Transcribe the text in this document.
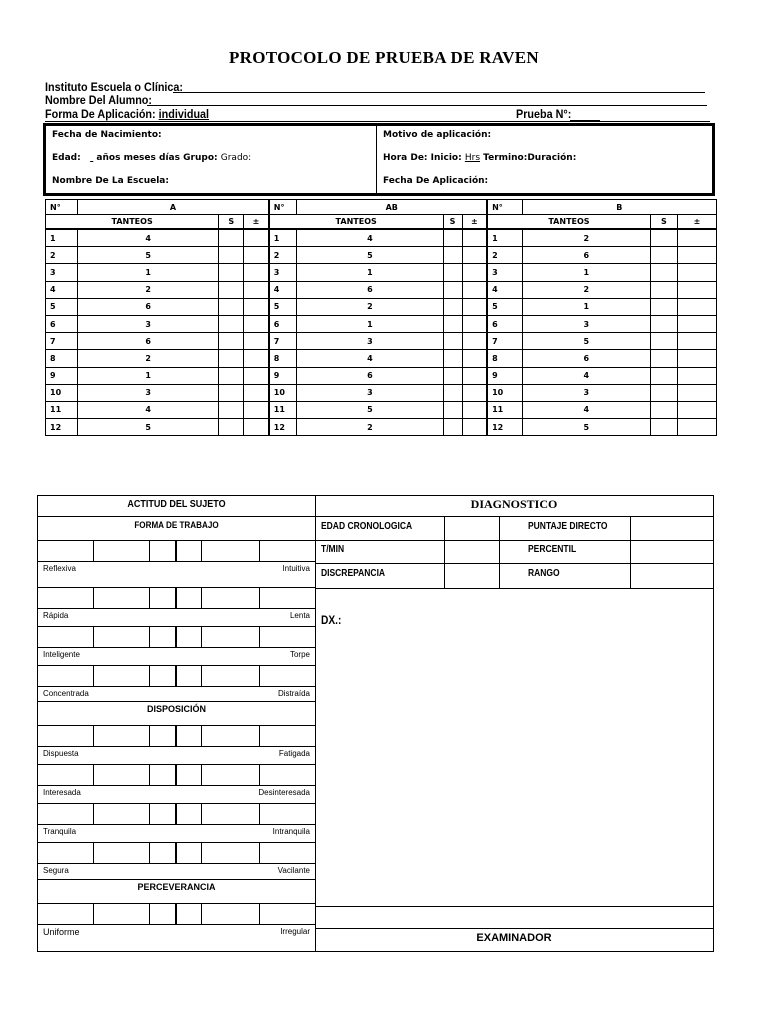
PROTOCOLO DE PRUEBA DE RAVEN
Instituto Escuela o Clínica:
Nombre Del Alumno:
Forma De Aplicación: individual	Prueba N°:
Fecha de Nacimiento:
Edad: años meses días Grupo: Grado:
Nombre De La Escuela:
Motivo de aplicación:
Hora De: Inicio: Hrs Termino:Duración:
Fecha De Aplicación:
N°	A			N°	AB			N°	B		
TANTEOS		S	±	TANTEOS		S	±	TANTEOS		S	±
1	4			1	4			1	2		
2	5			2	5			2	6		
3	1			3	1			3	1		
4	2			4	6			4	2		
5	6			5	2			5	1		
6	3			6	1			6	3		
7	6			7	3			7	5		
8	2			8	4			8	6		
9	1			9	6			9	4		
10	3			10	3			10	3		
11	4			11	5			11	4		
12	5			12	2			12	5		
ACTITUD DEL SUJETO	DIAGNOSTICO
FORMA DE TRABAJO
Reflexiva	Intuitiva
Rápida	Lenta
Inteligente	Torpe
Concentrada	Distraída
Dispuesta	Fatigada
Interesada	Desinteresada
Tranquila	Intranquila
Segura	Vacilante
Uniforme	Irregular
DISPOSICIÓN
PERCEVERANCIA
EDAD CRONOLOGICA	PUNTAJE DIRECTO
T/MIN	PERCENTIL
DISCREPANCIA	RANGO
DX.:
EXAMINADOR
